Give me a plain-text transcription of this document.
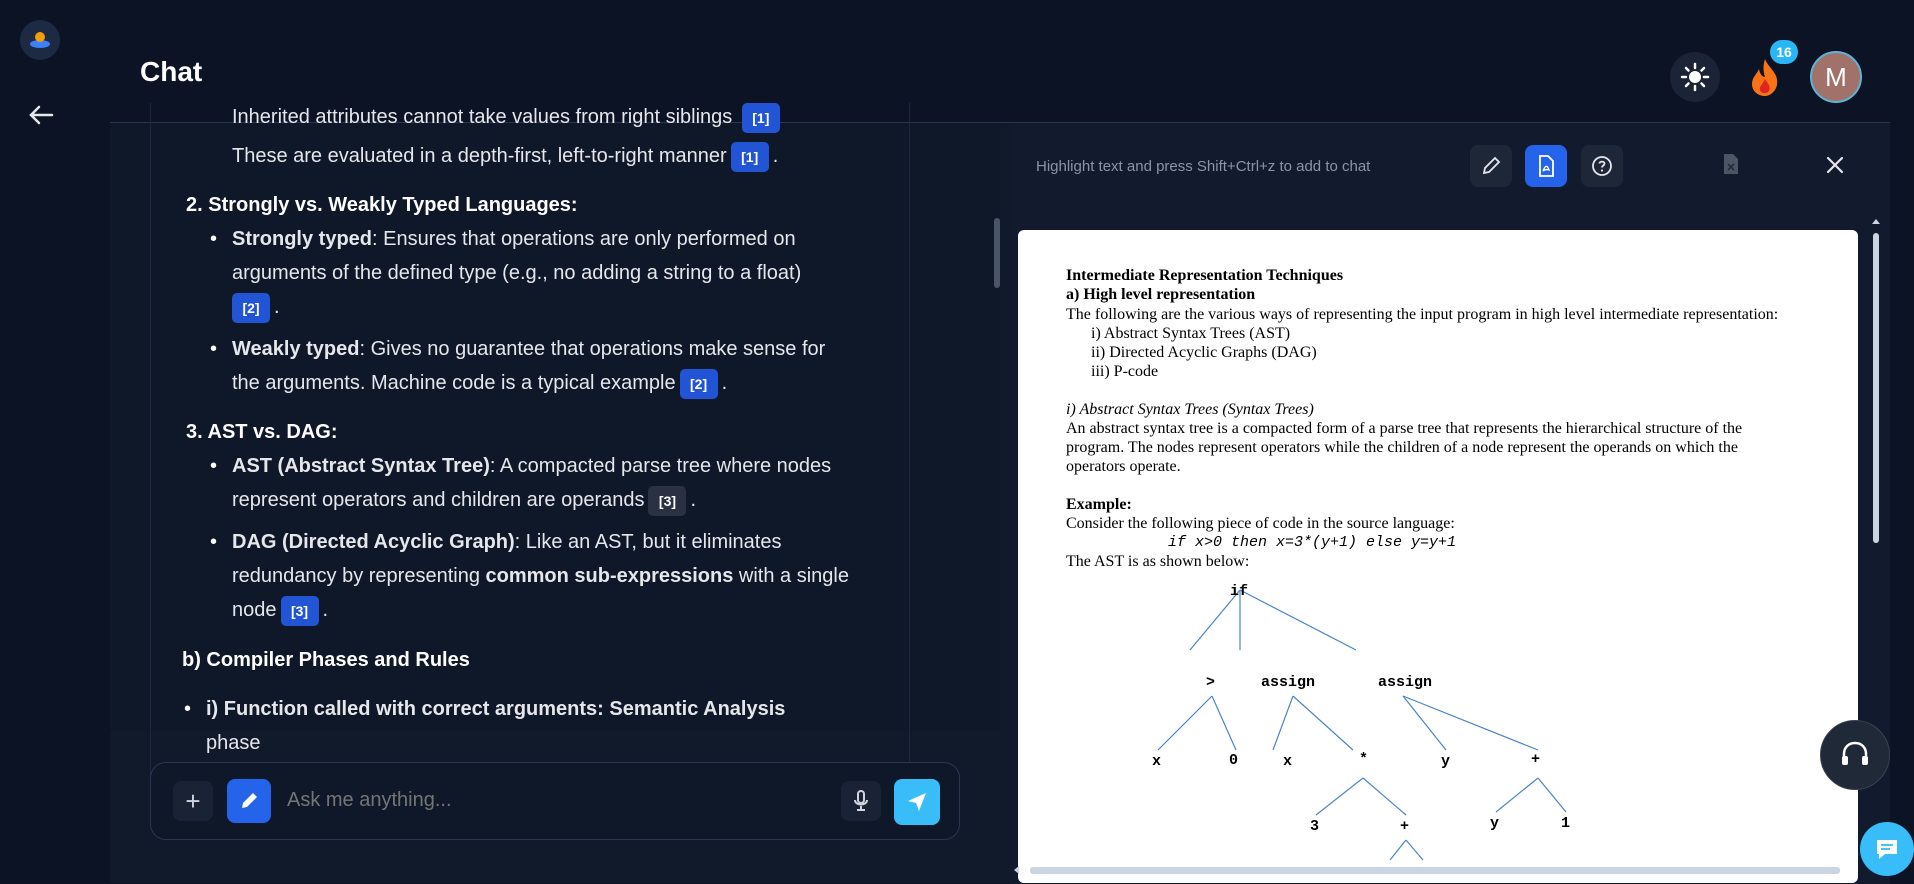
Chat
16
M
Inherited attributes cannot take values from right siblings [1]
These are evaluated in a depth-first, left-to-right manner [1] .
2. Strongly vs. Weakly Typed Languages:
• Strongly typed: Ensures that operations are only performed on
arguments of the defined type (e.g., no adding a string to a float)
[2] .
• Weakly typed: Gives no guarantee that operations make sense for
the arguments. Machine code is a typical example [2] .
3. AST vs. DAG:
• AST (Abstract Syntax Tree): A compacted parse tree where nodes
represent operators and children are operands [3] .
• DAG (Directed Acyclic Graph): Like an AST, but it eliminates
redundancy by representing common sub-expressions with a single
node [3] .
b) Compiler Phases and Rules
• i) Function called with correct arguments: Semantic Analysis phase
+
Ask me anything...
Highlight text and press Shift+Ctrl+z to add to chat
Intermediate Representation Techniques
a) High level representation
The following are the various ways of representing the input program in high level intermediate representation:
i) Abstract Syntax Trees (AST)
ii) Directed Acyclic Graphs (DAG)
iii) P-code
i) Abstract Syntax Trees (Syntax Trees)
An abstract syntax tree is a compacted form of a parse tree that represents the hierarchical structure of the
program. The nodes represent operators while the children of a node represent the operands on which the
operators operate.
Example:
Consider the following piece of code in the source language:
if x>0 then x=3*(y+1) else y=y+1
The AST is as shown below:
if
>	assign	assign
x	0	x	*	y	+
3	+	y	1
